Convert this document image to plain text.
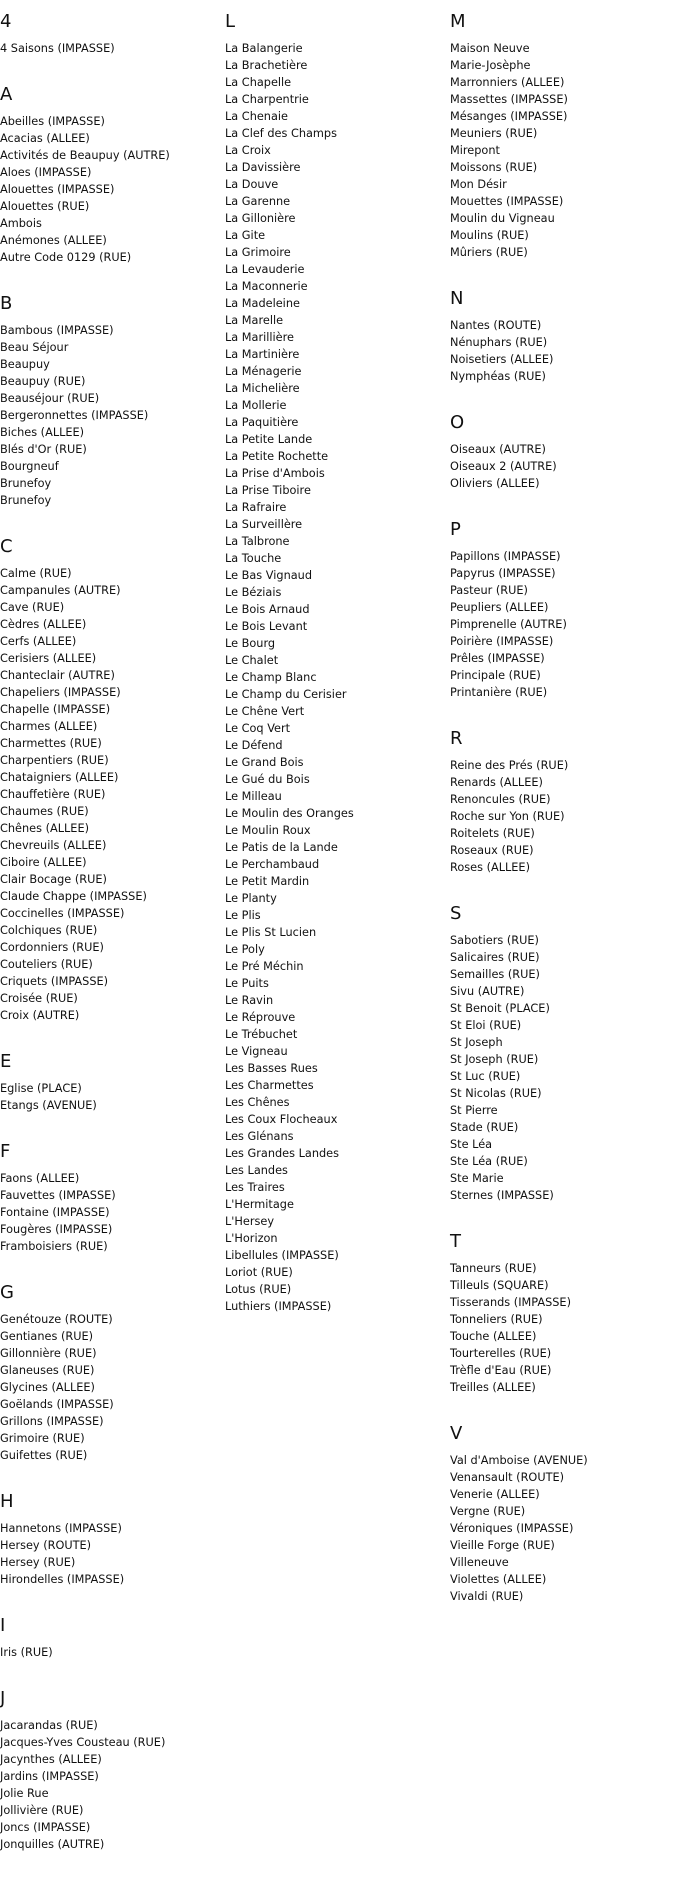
4
4 Saisons (IMPASSE)
A
Abeilles (IMPASSE)
Acacias (ALLEE)
Activités de Beaupuy (AUTRE)
Aloes (IMPASSE)
Alouettes (IMPASSE)
Alouettes (RUE)
Ambois
Anémones (ALLEE)
Autre Code 0129 (RUE)
B
Bambous (IMPASSE)
Beau Séjour
Beaupuy
Beaupuy (RUE)
Beauséjour (RUE)
Bergeronnettes (IMPASSE)
Biches (ALLEE)
Blés d'Or (RUE)
Bourgneuf
Brunefoy
Brunefoy
C
Calme (RUE)
Campanules (AUTRE)
Cave (RUE)
Cèdres (ALLEE)
Cerfs (ALLEE)
Cerisiers (ALLEE)
Chanteclair (AUTRE)
Chapeliers (IMPASSE)
Chapelle (IMPASSE)
Charmes (ALLEE)
Charmettes (RUE)
Charpentiers (RUE)
Chataigniers (ALLEE)
Chauffetière (RUE)
Chaumes (RUE)
Chênes (ALLEE)
Chevreuils (ALLEE)
Ciboire (ALLEE)
Clair Bocage (RUE)
Claude Chappe (IMPASSE)
Coccinelles (IMPASSE)
Colchiques (RUE)
Cordonniers (RUE)
Couteliers (RUE)
Criquets (IMPASSE)
Croisée (RUE)
Croix (AUTRE)
E
Eglise (PLACE)
Etangs (AVENUE)
F
Faons (ALLEE)
Fauvettes (IMPASSE)
Fontaine (IMPASSE)
Fougères (IMPASSE)
Framboisiers (RUE)
G
Genétouze (ROUTE)
Gentianes (RUE)
Gillonnière (RUE)
Glaneuses (RUE)
Glycines (ALLEE)
Goëlands (IMPASSE)
Grillons (IMPASSE)
Grimoire (RUE)
Guifettes (RUE)
H
Hannetons (IMPASSE)
Hersey (ROUTE)
Hersey (RUE)
Hirondelles (IMPASSE)
I
Iris (RUE)
J
Jacarandas (RUE)
Jacques-Yves Cousteau (RUE)
Jacynthes (ALLEE)
Jardins (IMPASSE)
Jolie Rue
Jollivière (RUE)
Joncs (IMPASSE)
Jonquilles (AUTRE)
L
La Balangerie
La Brachetière
La Chapelle
La Charpentrie
La Chenaie
La Clef des Champs
La Croix
La Davissière
La Douve
La Garenne
La Gillonière
La Gite
La Grimoire
La Levauderie
La Maconnerie
La Madeleine
La Marelle
La Marillière
La Martinière
La Ménagerie
La Michelière
La Mollerie
La Paquitière
La Petite Lande
La Petite Rochette
La Prise d'Ambois
La Prise Tiboire
La Rafraire
La Surveillère
La Talbrone
La Touche
Le Bas Vignaud
Le Béziais
Le Bois Arnaud
Le Bois Levant
Le Bourg
Le Chalet
Le Champ Blanc
Le Champ du Cerisier
Le Chêne Vert
Le Coq Vert
Le Défend
Le Grand Bois
Le Gué du Bois
Le Milleau
Le Moulin des Oranges
Le Moulin Roux
Le Patis de la Lande
Le Perchambaud
Le Petit Mardin
Le Planty
Le Plis
Le Plis St Lucien
Le Poly
Le Pré Méchin
Le Puits
Le Ravin
Le Réprouve
Le Trébuchet
Le Vigneau
Les Basses Rues
Les Charmettes
Les Chênes
Les Coux Flocheaux
Les Glénans
Les Grandes Landes
Les Landes
Les Traires
L'Hermitage
L'Hersey
L'Horizon
Libellules (IMPASSE)
Loriot (RUE)
Lotus (RUE)
Luthiers (IMPASSE)
M
Maison Neuve
Marie-Josèphe
Marronniers (ALLEE)
Massettes (IMPASSE)
Mésanges (IMPASSE)
Meuniers (RUE)
Mirepont
Moissons (RUE)
Mon Désir
Mouettes (IMPASSE)
Moulin du Vigneau
Moulins (RUE)
Mûriers (RUE)
N
Nantes (ROUTE)
Nénuphars (RUE)
Noisetiers (ALLEE)
Nymphéas (RUE)
O
Oiseaux (AUTRE)
Oiseaux 2 (AUTRE)
Oliviers (ALLEE)
P
Papillons (IMPASSE)
Papyrus (IMPASSE)
Pasteur (RUE)
Peupliers (ALLEE)
Pimprenelle (AUTRE)
Poirière (IMPASSE)
Prêles (IMPASSE)
Principale (RUE)
Printanière (RUE)
R
Reine des Prés (RUE)
Renards (ALLEE)
Renoncules (RUE)
Roche sur Yon (RUE)
Roitelets (RUE)
Roseaux (RUE)
Roses (ALLEE)
S
Sabotiers (RUE)
Salicaires (RUE)
Semailles (RUE)
Sivu (AUTRE)
St Benoit (PLACE)
St Eloi (RUE)
St Joseph
St Joseph (RUE)
St Luc (RUE)
St Nicolas (RUE)
St Pierre
Stade (RUE)
Ste Léa
Ste Léa (RUE)
Ste Marie
Sternes (IMPASSE)
T
Tanneurs (RUE)
Tilleuls (SQUARE)
Tisserands (IMPASSE)
Tonneliers (RUE)
Touche (ALLEE)
Tourterelles (RUE)
Trèfle d'Eau (RUE)
Treilles (ALLEE)
V
Val d'Amboise (AVENUE)
Venansault (ROUTE)
Venerie (ALLEE)
Vergne (RUE)
Véroniques (IMPASSE)
Vieille Forge (RUE)
Villeneuve
Violettes (ALLEE)
Vivaldi (RUE)
